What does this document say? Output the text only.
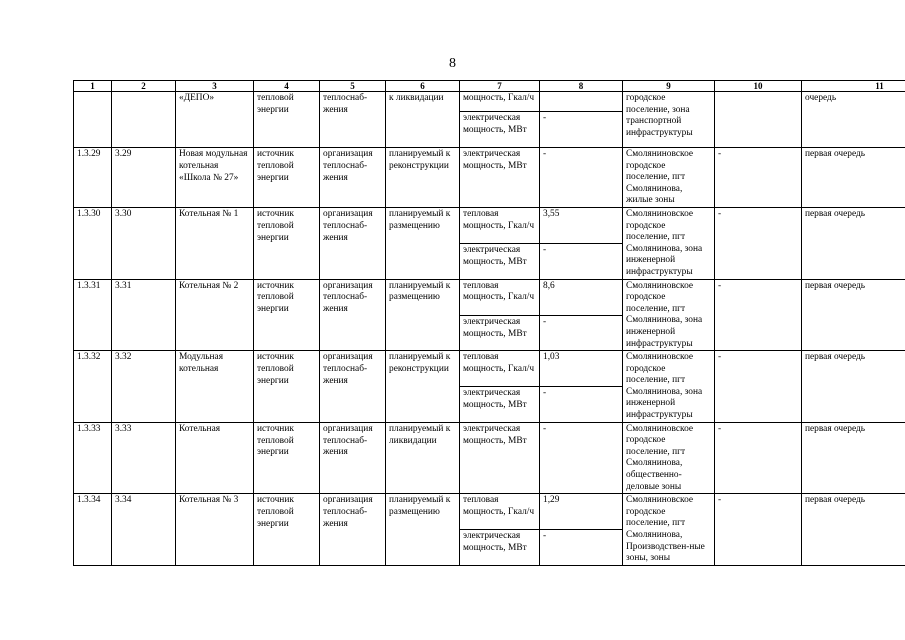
8
1	2	3	4	5	6	7	8	9	10	11
		«ДЕПО»	тепловой энергии	теплоснаб-жения	к ликвидации	мощность, Гкал/ч		городское поселение, зона транспортной инфраструктуры		очередь
						электрическая мощность, МВт	-			
1.3.29	3.29	Новая модульная котельная «Школа № 27»	источник тепловой энергии	организация теплоснаб-жения	планируемый к реконструкции	электрическая мощность, МВт	-	Смоляниновское городское поселение, пгт Смолянинова, жилые зоны	-	первая очередь
1.3.30	3.30	Котельная № 1	источник тепловой энергии	организация теплоснаб-жения	планируемый к размещению	тепловая мощность, Гкал/ч	3,55	Смоляниновское городское поселение, пгт Смолянинова, зона инженерной инфраструктуры	-	первая очередь
						электрическая мощность, МВт	-			
1.3.31	3.31	Котельная № 2	источник тепловой энергии	организация теплоснаб-жения	планируемый к размещению	тепловая мощность, Гкал/ч	8,6	Смоляниновское городское поселение, пгт Смолянинова, зона инженерной инфраструктуры	-	первая очередь
						электрическая мощность, МВт	-			
1.3.32	3.32	Модульная котельная	источник тепловой энергии	организация теплоснаб-жения	планируемый к реконструкции	тепловая мощность, Гкал/ч	1,03	Смоляниновское городское поселение, пгт Смолянинова, зона инженерной инфраструктуры	-	первая очередь
						электрическая мощность, МВт	-			
1.3.33	3.33	Котельная	источник тепловой энергии	организация теплоснаб-жения	планируемый к ликвидации	электрическая мощность, МВт	-	Смоляниновское городское поселение, пгт Смолянинова, общественно-деловые зоны	-	первая очередь
1.3.34	3.34	Котельная № 3	источник тепловой энергии	организация теплоснаб-жения	планируемый к размещению	тепловая мощность, Гкал/ч	1,29	Смоляниновское городское поселение, пгт Смолянинова, Производствен-ные зоны, зоны	-	первая очередь
						электрическая мощность, МВт	-			
